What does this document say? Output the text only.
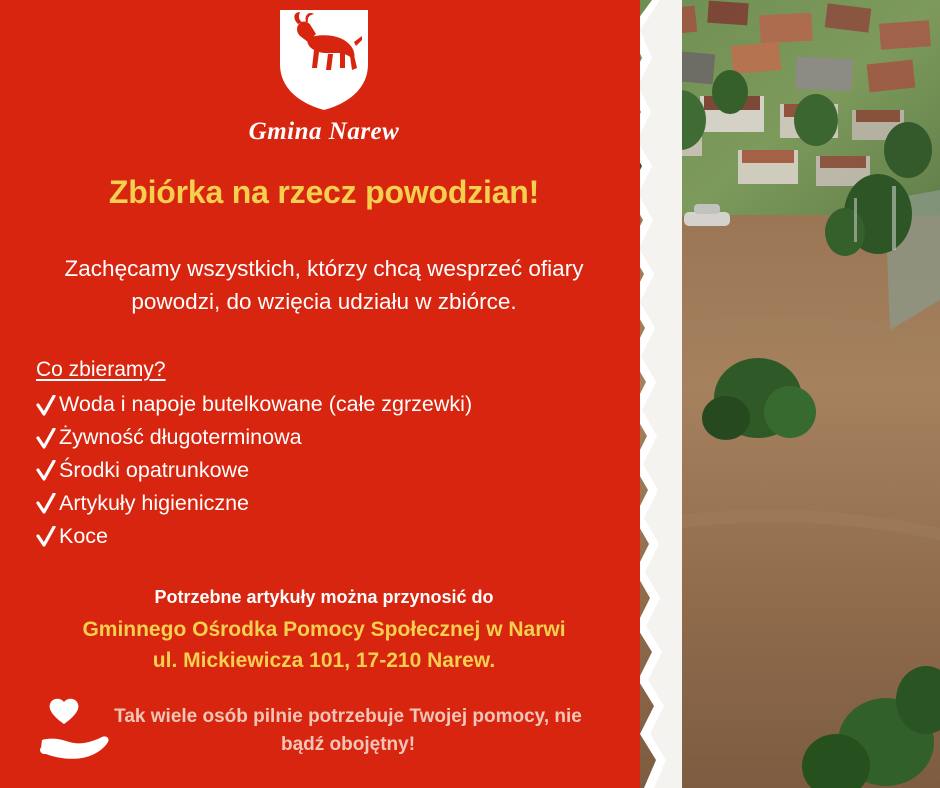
Gmina Narew
Zbiórka na rzecz powodzian!

Zachęcamy wszystkich, którzy chcą wesprzeć ofiary powodzi, do wzięcia udziału w zbiórce.

Co zbieramy?
Woda i napoje butelkowane (całe zgrzewki)
Żywność długoterminowa
Środki opatrunkowe
Artykuły higieniczne
Koce
Potrzebne artykuły można przynosić do
Gminnego Ośrodka Pomocy Społecznej w Narwi
ul. Mickiewicza 101, 17-210 Narew.
Tak wiele osób pilnie potrzebuje Twojej pomocy, nie bądź obojętny!
